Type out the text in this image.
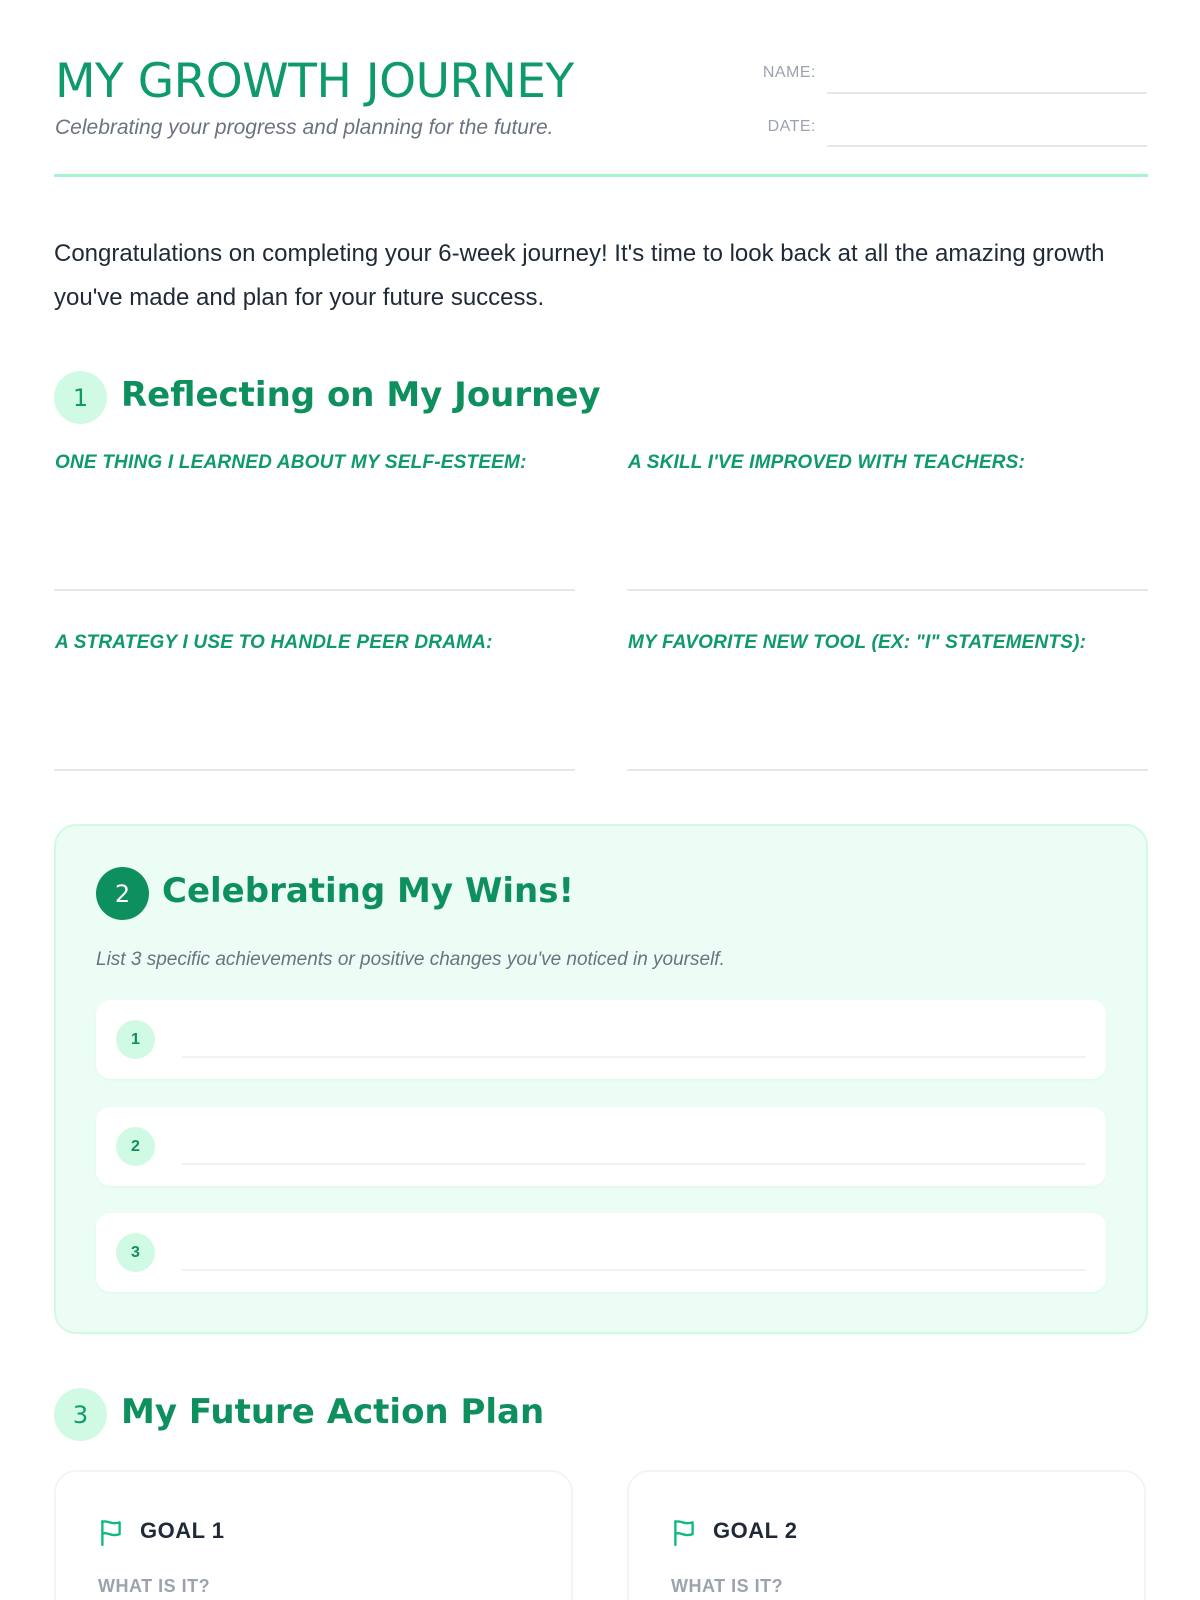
MY GROWTH JOURNEY
Celebrating your progress and planning for the future.
NAME:
DATE:

Congratulations on completing your 6-week journey! It's time to look back at all the amazing growth you've made and plan for your future success.

1 Reflecting on My Journey
ONE THING I LEARNED ABOUT MY SELF-ESTEEM:	A SKILL I'VE IMPROVED WITH TEACHERS:
A STRATEGY I USE TO HANDLE PEER DRAMA:	MY FAVORITE NEW TOOL (EX: "I" STATEMENTS):
2 Celebrating My Wins!
List 3 specific achievements or positive changes you've noticed in yourself.
1
2
3
3 My Future Action Plan
GOAL 1
WHAT IS IT?
GOAL 2
WHAT IS IT?
